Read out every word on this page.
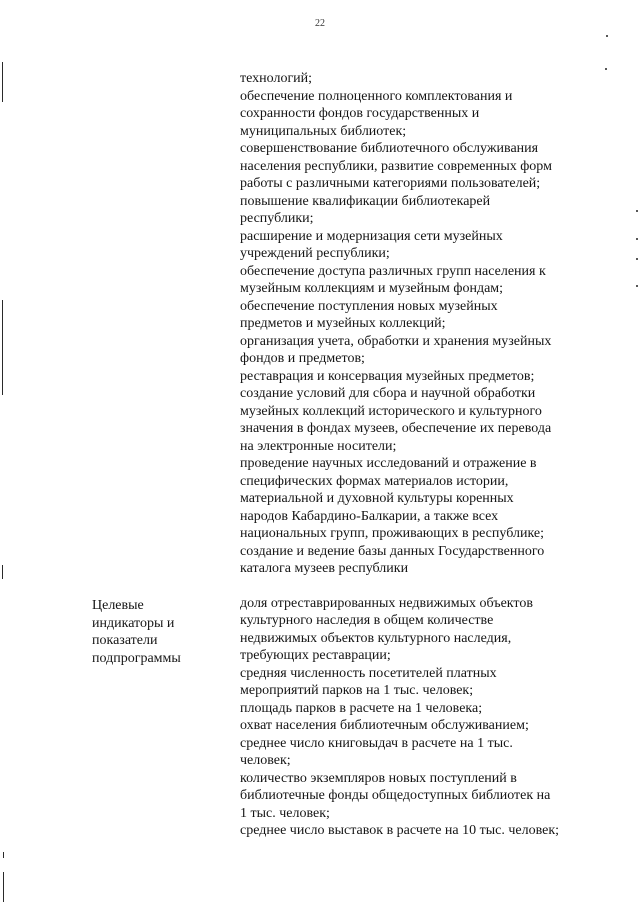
22
технологий;
обеспечение полноценного комплектования и
сохранности фондов государственных и
муниципальных библиотек;
совершенствование библиотечного обслуживания
населения республики, развитие современных форм
работы с различными категориями пользователей;
повышение квалификации библиотекарей
республики;
расширение и модернизация сети музейных
учреждений республики;
обеспечение доступа различных групп населения к
музейным коллекциям и музейным фондам;
обеспечение поступления новых музейных
предметов и музейных коллекций;
организация учета, обработки и хранения музейных
фондов и предметов;
реставрация и консервация музейных предметов;
создание условий для сбора и научной обработки
музейных коллекций исторического и культурного
значения в фондах музеев, обеспечение их перевода
на электронные носители;
проведение научных исследований и отражение в
специфических формах материалов истории,
материальной и духовной культуры коренных
народов Кабардино-Балкарии, а также всех
национальных групп, проживающих в республике;
создание и ведение базы данных Государственного
каталога музеев республики
доля отреставрированных недвижимых объектов
культурного наследия в общем количестве
недвижимых объектов культурного наследия,
требующих реставрации;
средняя численность посетителей платных
мероприятий парков на 1 тыс. человек;
площадь парков в расчете на 1 человека;
охват населения библиотечным обслуживанием;
среднее число книговыдач в расчете на 1 тыс.
человек;
количество экземпляров новых поступлений в
библиотечные фонды общедоступных библиотек на
1 тыс. человек;
среднее число выставок в расчете на 10 тыс. человек;
Целевые
индикаторы и
показатели
подпрограммы
